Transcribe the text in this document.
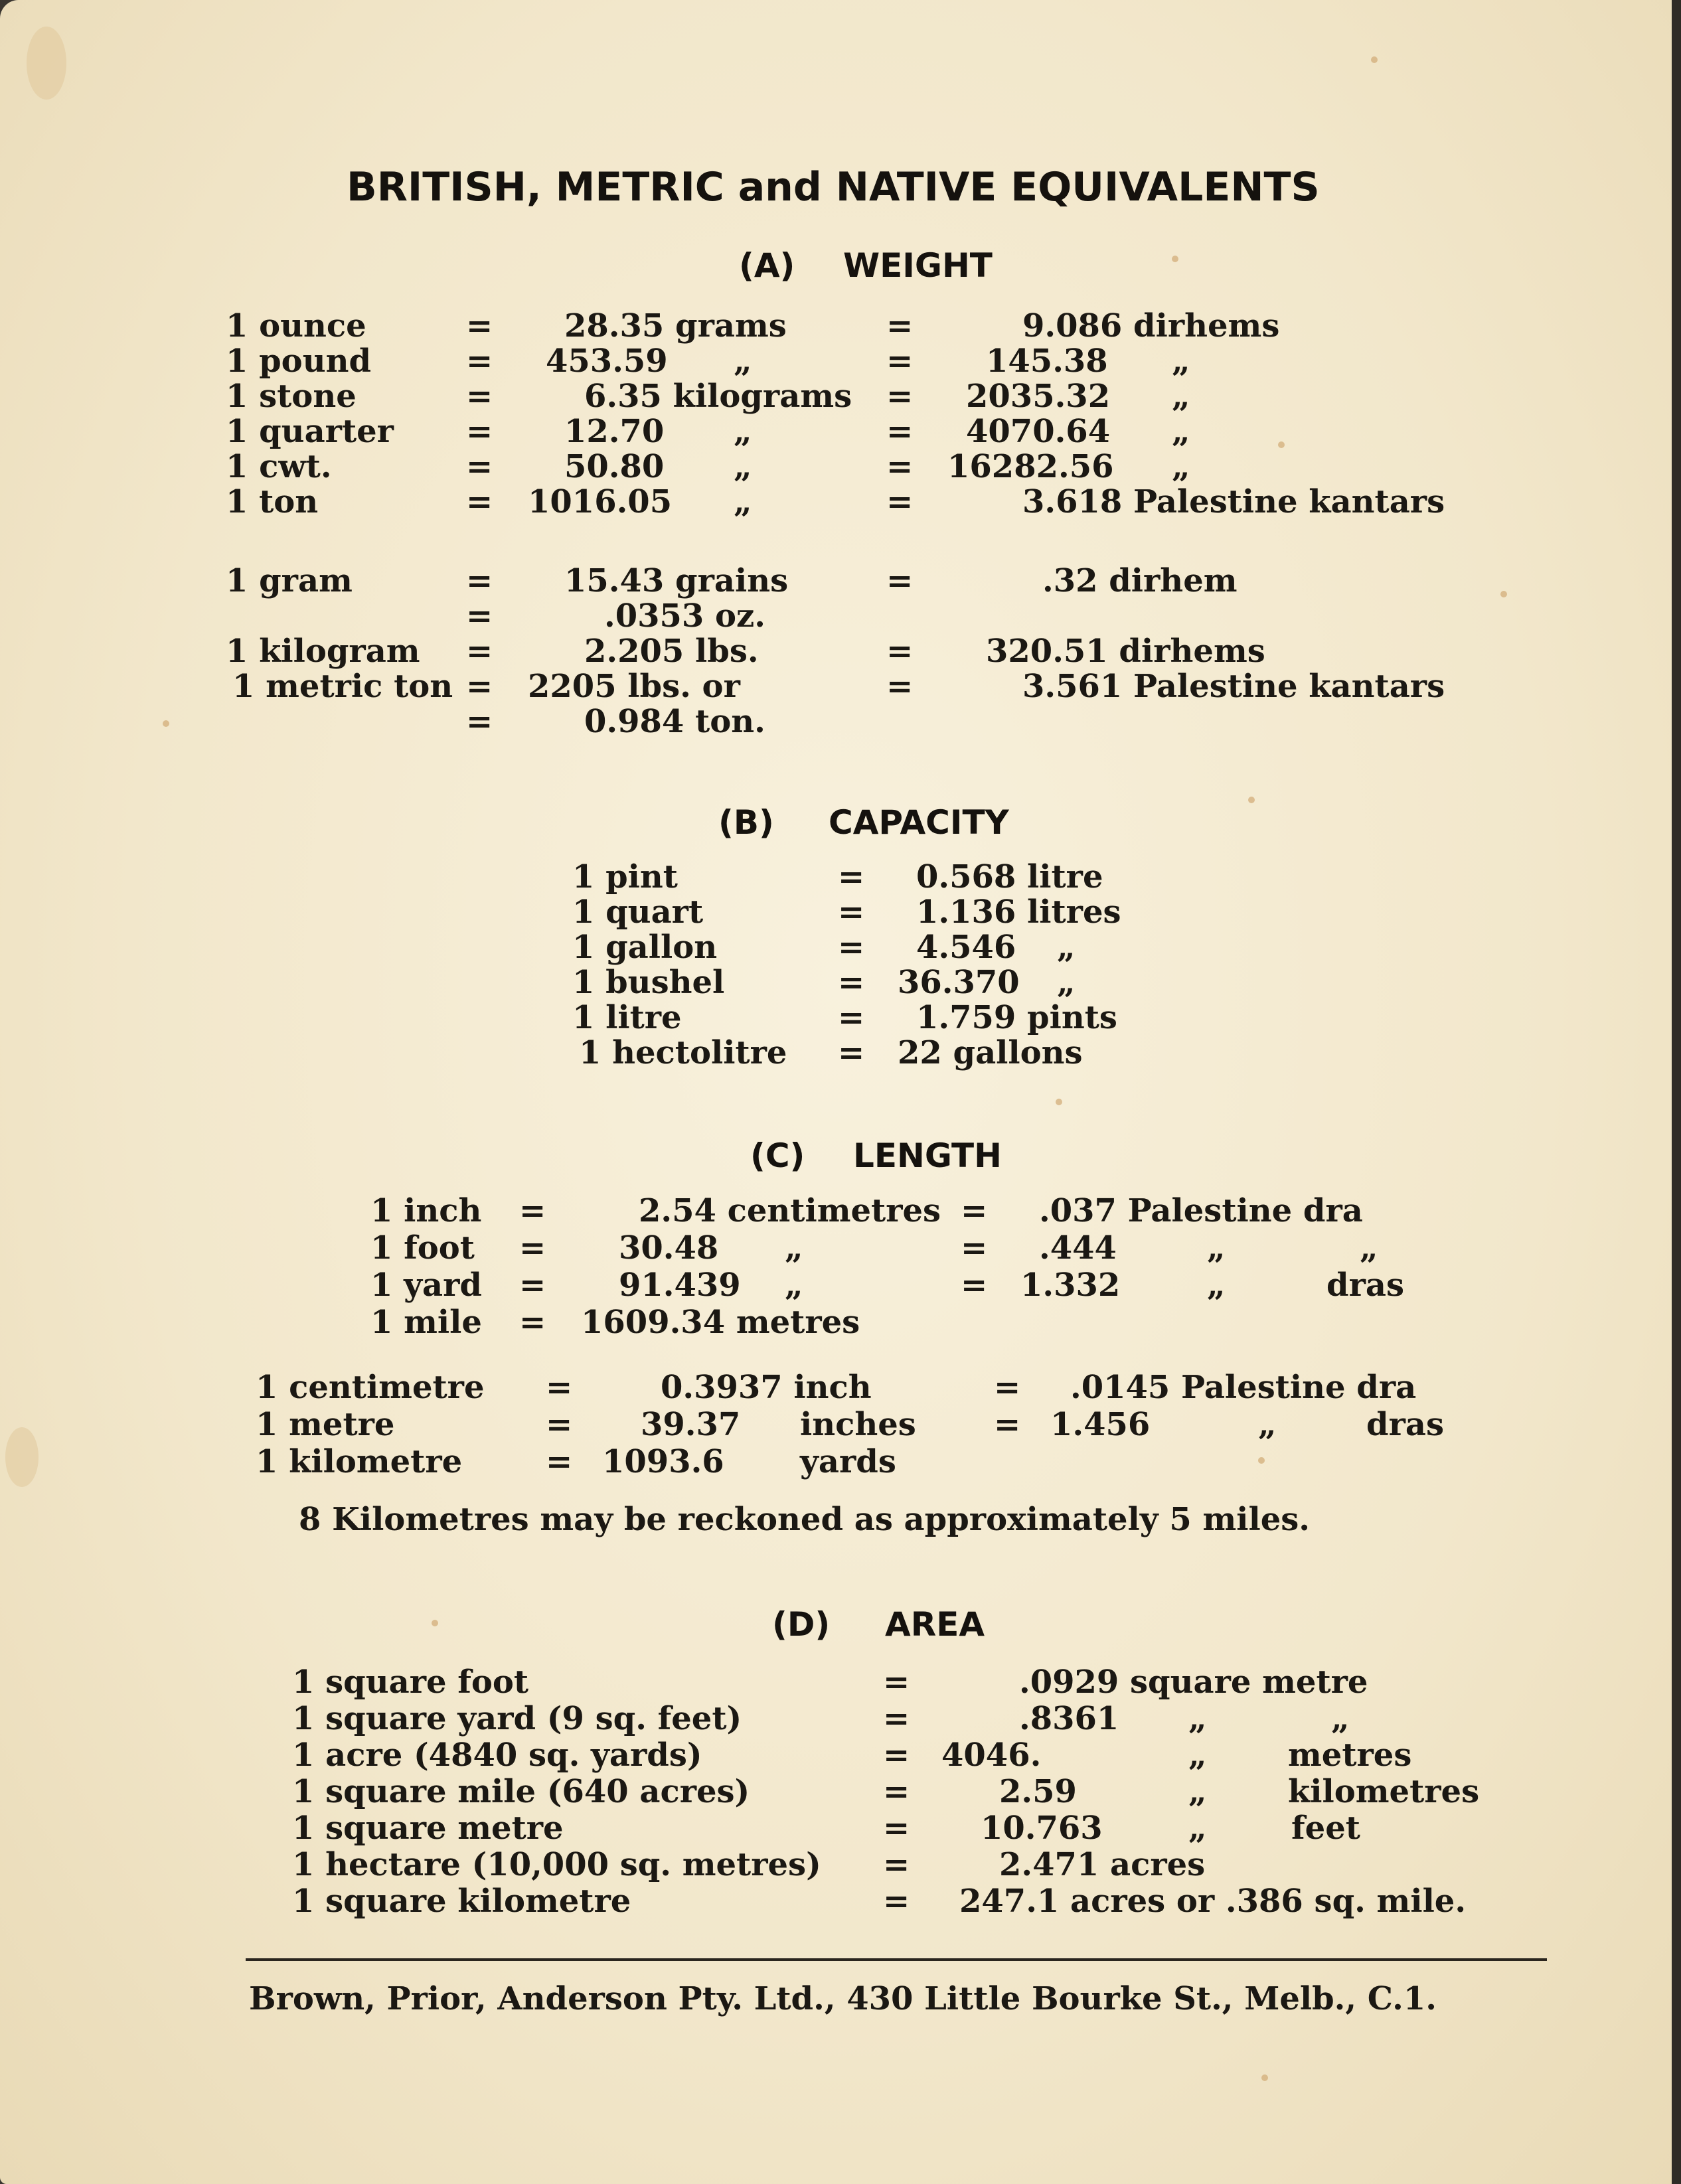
BRITISH, METRIC and NATIVE EQUIVALENTS
(A) WEIGHT
1 ounce	= 28.35 grams	=	9.086 dirhems
1 pound	= 453.59 „	= 145.38 „
1 stone	=	6.35 kilograms = 2035.32 „
1 quarter = 12.70 „	= 4070.64 „
1 cwt.	= 50.80 „	= 16282.56 „
1 ton	= 1016.05 „	=	3.618 Palestine kantars
1 gram	= 15.43 grains	=	.32 dirhem
=	.0353 oz.
1 kilogram =	2.205 lbs.	= 320.51 dirhems
1 metric ton = 2205 lbs. or	=	3.561 Palestine kantars
=	0.984 ton.
(B) CAPACITY
1 pint	= 0.568 litre
1 quart	= 1.136 litres
1 gallon	= 4.546 „
1 bushel	= 36.370 „
1 litre	= 1.759 pints
1 hectolitre = 22 gallons
(C) LENGTH
1 inch =	2.54 centimetres = .037 Palestine dra
1 foot = 30.48 „	= .444	„	„
1 yard = 91.439 „	= 1.332	„	dras
1 mile = 1609.34 metres
1 centimetre =	0.3937 inch	= .0145 Palestine dra
1 metre	= 39.37 inches = 1.456	„	dras
1 kilometre	= 1093.6 yards
8 Kilometres may be reckoned as approximately 5 miles.
(D) AREA
1 square foot	=	.0929 square metre
1 square yard (9 sq. feet)	=	.8361 „	„
1 acre (4840 sq. yards)	= 4046.	„	metres
1 square mile (640 acres)	=	2.59	„	kilometres
1 square metre	= 10.763	„	feet
1 hectare (10,000 sq. metres) =	2.471 acres
1 square kilometre	= 247.1 acres or .386 sq. mile.
Brown, Prior, Anderson Pty. Ltd., 430 Little Bourke St., Melb., C.1.
